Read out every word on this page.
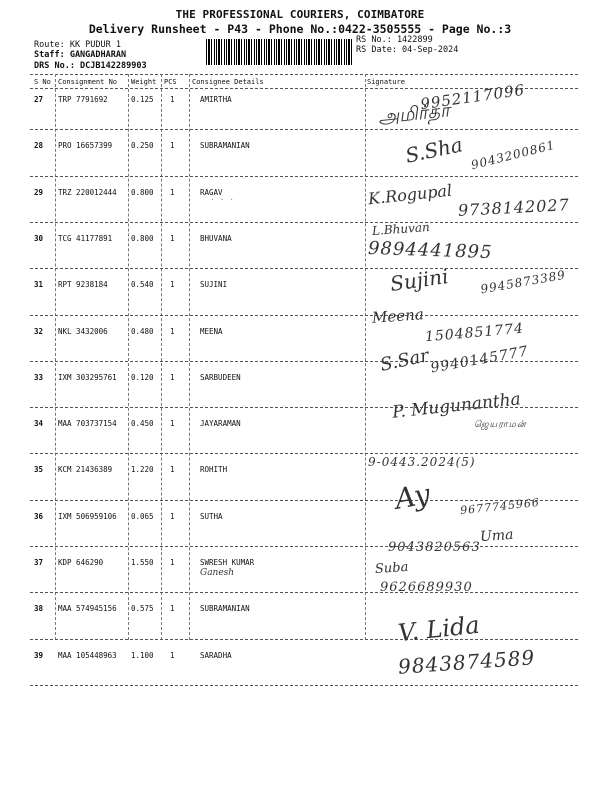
THE PROFESSIONAL COURIERS, COIMBATORE
Delivery Runsheet - P43 - Phone No.:0422-3505555 - Page No.:3
Route: KK PUDUR 1
Staff: GANGADHARAN
DRS No.: DCJB142289903
RS No.: 1422899
RS Date: 04-Sep-2024
S No Consignment No Weight PCS Consignee Details	Signature
27 TRP 7791692	0.125 1	AMIRTHA	அமிர்தா
9952117096
28 PRO 16657399	0.250 1	SUBRAMANIAN	S.Sha 9043200861
29 TRZ 220012444 0.800 1	RAGAV	K.Rogupal 9738142027
30 TCG 41177891	0.800 1	BHUVANA
L.Bhuvan
9894441895
31 RPT 9238184	0.540 1	SUJINI	Sujini 9945873389
32 NKL 3432006	0.480 1	MEENA
Meena
1504851774
33 IXM 303295761 0.120 1	SARBUDEEN
S.Sar
9940145777
34 MAA 703737154 0.450 1	JAYARAMAN
P. Mugunantha
ஜெயராமன்
35 KCM 21436389	1.220 1	ROHITH
9-0443.2024(5)
36 IXM 506959106 0.065 1	SUTHA
Ay 9677745966
37 KDP 646290	1.550 1	SWRESH KUMAR
Ganesh
Uma
9043820563
38 MAA 574945156 0.575 1	SUBRAMANIAN
Suba
9626689930
39 MAA 105448963 1.100 1	SARADHA
V. Lida
9843874589
· · ·
